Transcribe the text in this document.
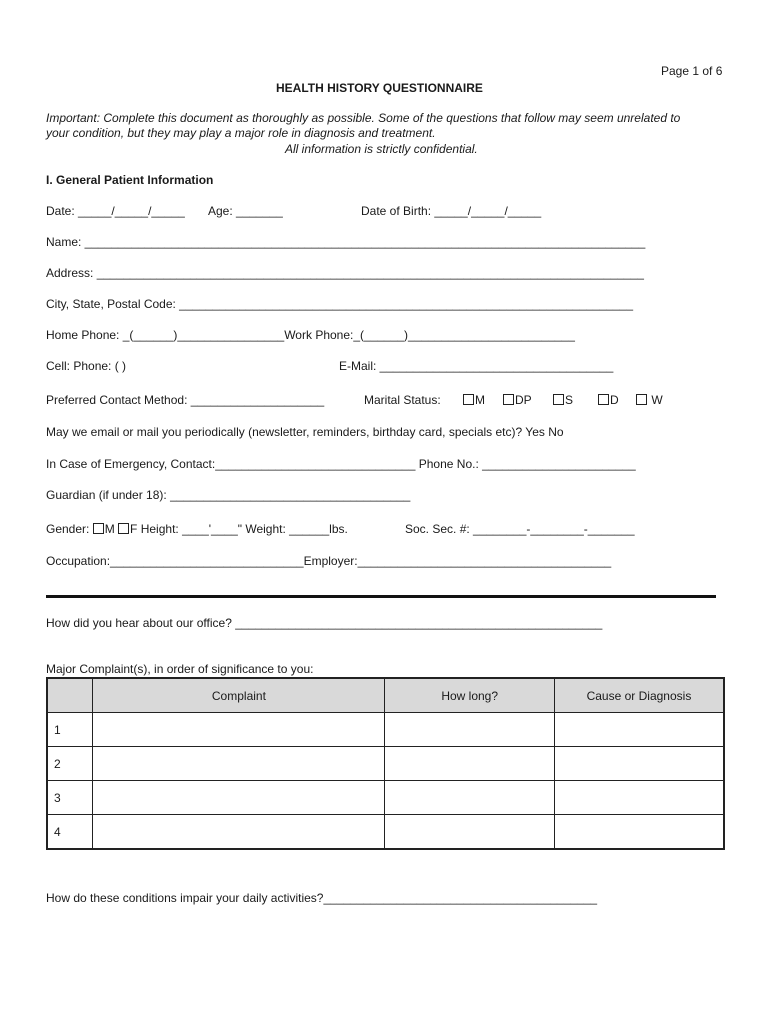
Page 1 of 6
HEALTH HISTORY QUESTIONNAIRE
Important: Complete this document as thoroughly as possible. Some of the questions that follow may seem unrelated to
your condition, but they may play a major role in diagnosis and treatment.
All information is strictly confidential.
I. General Patient Information
Date: _____/_____/_____ Age: _______	Date of Birth: _____/_____/_____
Name: ____________________________________________________________________________________
Address: __________________________________________________________________________________
City, State, Postal Code: ____________________________________________________________________
Home Phone: _(______)________________Work Phone:_(______)_________________________
Cell: Phone: ( )	E-Mail: ___________________________________
Preferred Contact Method: ____________________	Marital Status:	M	DP	S	D	W
May we email or mail you periodically (newsletter, reminders, birthday card, specials etc)? Yes No
In Case of Emergency, Contact:______________________________ Phone No.: _______________________
Guardian (if under 18): ____________________________________
Gender: M F Height: ____'____" Weight: ______lbs.	Soc. Sec. #: ________-________-_______
Occupation:_____________________________Employer:______________________________________
How did you hear about our office? _______________________________________________________
Major Complaint(s), in order of significance to you:
	Complaint	How long?	Cause or Diagnosis
1			
2			
3			
4			
How do these conditions impair your daily activities?_________________________________________
